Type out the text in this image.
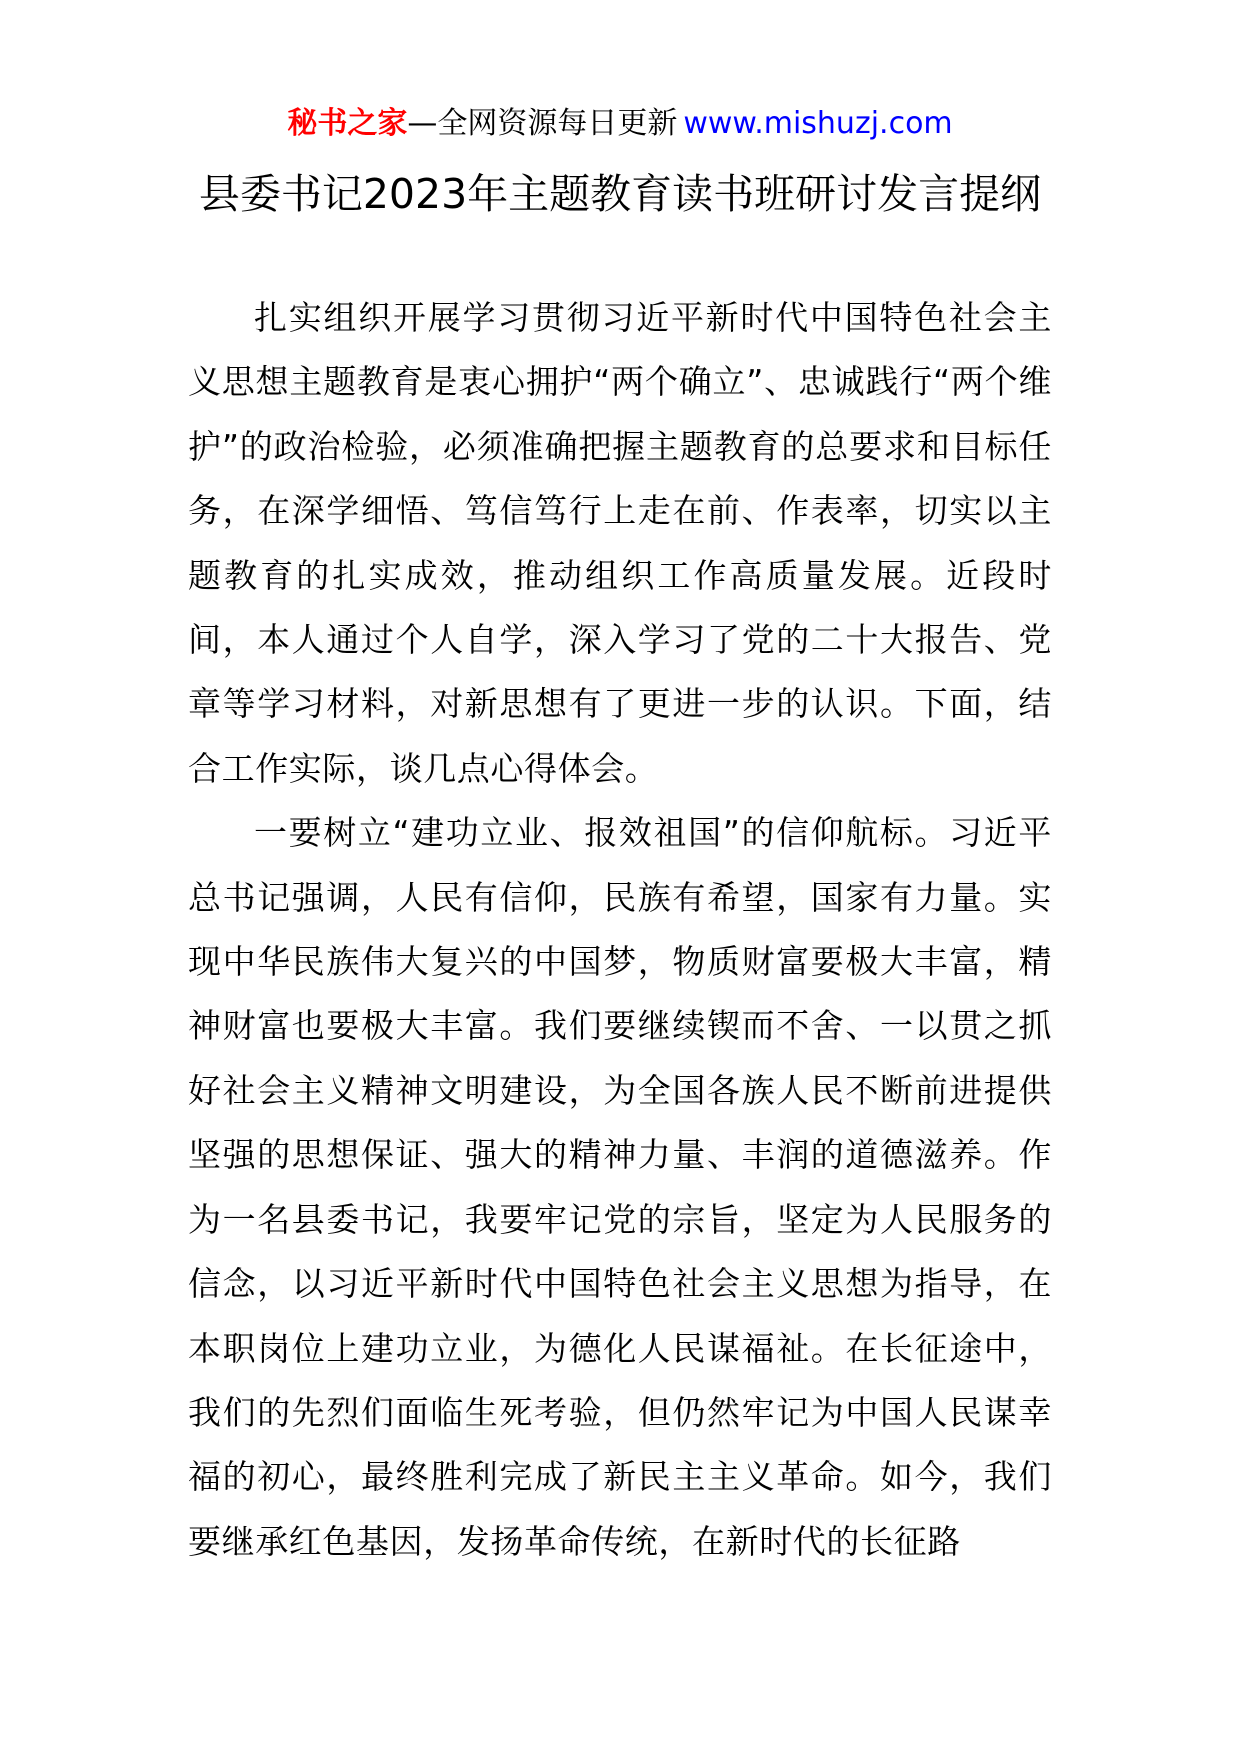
秘书之家—全网资源每日更新 www.mishuzj.com
县委书记2023年主题教育读书班研讨发言提纲

扎实组织开展学习贯彻习近平新时代中国特色社会主义思想主题教育是衷心拥护“两个确立”、忠诚践行“两个维护”的政治检验，必须准确把握主题教育的总要求和目标任务，在深学细悟、笃信笃行上走在前、作表率，切实以主题教育的扎实成效，推动组织工作高质量发展。近段时间，本人通过个人自学，深入学习了党的二十大报告、党章等学习材料，对新思想有了更进一步的认识。下面，结合工作实际，谈几点心得体会。

一要树立“建功立业、报效祖国”的信仰航标。习近平总书记强调，人民有信仰，民族有希望，国家有力量。实现中华民族伟大复兴的中国梦，物质财富要极大丰富，精神财富也要极大丰富。我们要继续锲而不舍、一以贯之抓好社会主义精神文明建设，为全国各族人民不断前进提供坚强的思想保证、强大的精神力量、丰润的道德滋养。作为一名县委书记，我要牢记党的宗旨，坚定为人民服务的信念，以习近平新时代中国特色社会主义思想为指导，在本职岗位上建功立业，为德化人民谋福祉。在长征途中，我们的先烈们面临生死考验，但仍然牢记为中国人民谋幸福的初心，最终胜利完成了新民主主义革命。如今，我们要继承红色基因，发扬革命传统，在新时代的长征路
